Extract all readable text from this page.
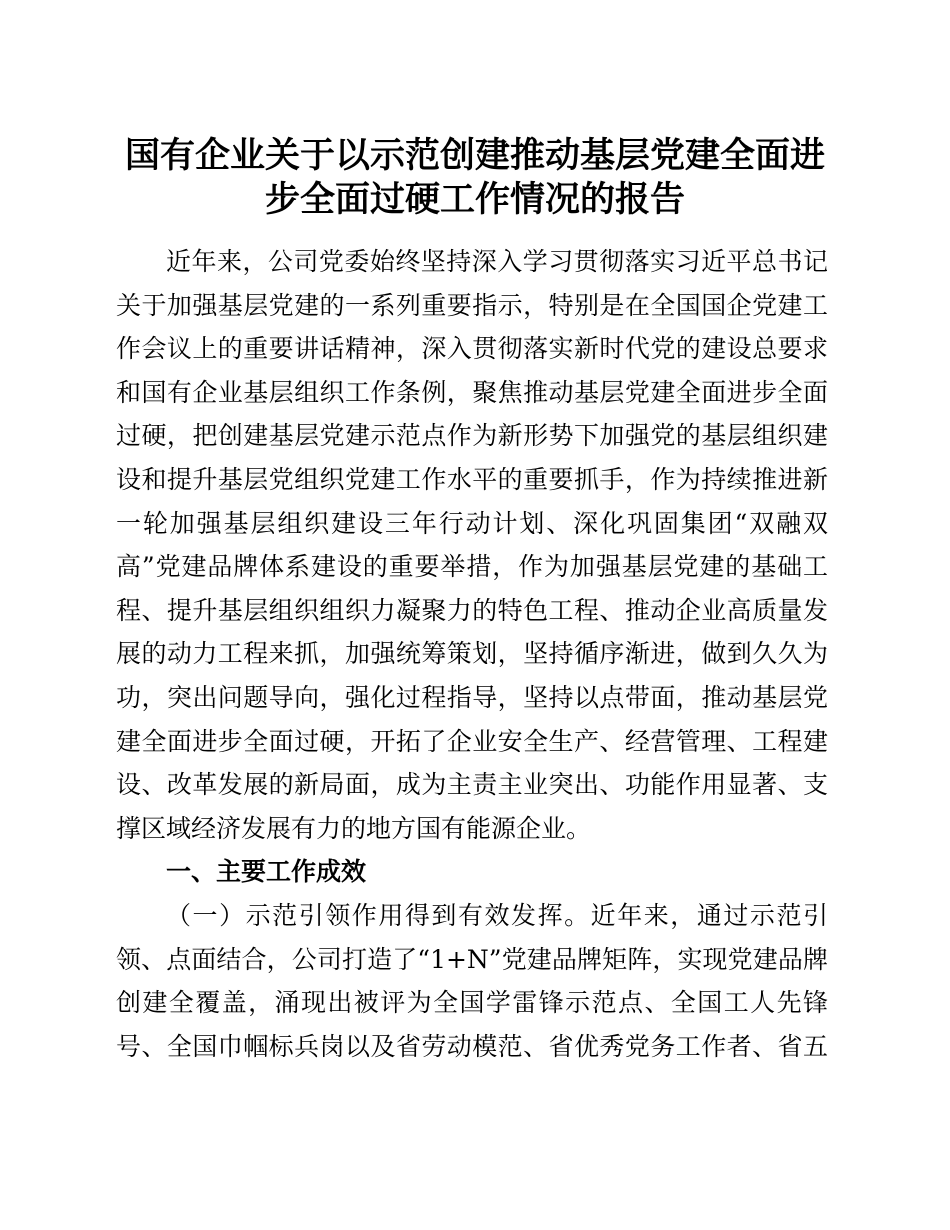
国有企业关于以示范创建推动基层党建全面进
步全面过硬工作情况的报告
近年来，公司党委始终坚持深入学习贯彻落实习近平总书记
关于加强基层党建的一系列重要指示，特别是在全国国企党建工
作会议上的重要讲话精神，深入贯彻落实新时代党的建设总要求
和国有企业基层组织工作条例，聚焦推动基层党建全面进步全面
过硬，把创建基层党建示范点作为新形势下加强党的基层组织建
设和提升基层党组织党建工作水平的重要抓手，作为持续推进新
一轮加强基层组织建设三年行动计划、深化巩固集团“双融双
高”党建品牌体系建设的重要举措，作为加强基层党建的基础工
程、提升基层组织组织力凝聚力的特色工程、推动企业高质量发
展的动力工程来抓，加强统筹策划，坚持循序渐进，做到久久为
功，突出问题导向，强化过程指导，坚持以点带面，推动基层党
建全面进步全面过硬，开拓了企业安全生产、经营管理、工程建
设、改革发展的新局面，成为主责主业突出、功能作用显著、支
撑区域经济发展有力的地方国有能源企业。
一、主要工作成效
（一）示范引领作用得到有效发挥。近年来，通过示范引
领、点面结合，公司打造了“1+N”党建品牌矩阵，实现党建品牌
创建全覆盖，涌现出被评为全国学雷锋示范点、全国工人先锋
号、全国巾帼标兵岗以及省劳动模范、省优秀党务工作者、省五
